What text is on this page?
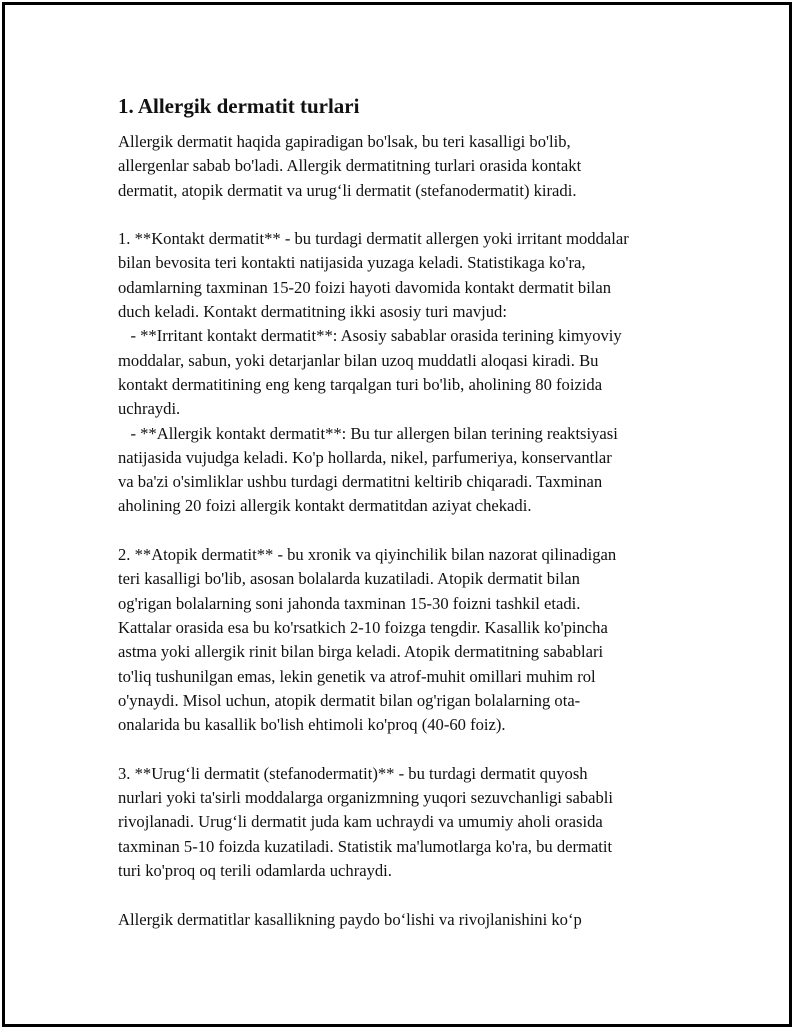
1. Allergik dermatit turlari
Allergik dermatit haqida gapiradigan bo'lsak, bu teri kasalligi bo'lib,
allergenlar sabab bo'ladi. Allergik dermatitning turlari orasida kontakt
dermatit, atopik dermatit va urug‘li dermatit (stefanodermatit) kiradi.
1. **Kontakt dermatit** - bu turdagi dermatit allergen yoki irritant moddalar
bilan bevosita teri kontakti natijasida yuzaga keladi. Statistikaga ko'ra,
odamlarning taxminan 15-20 foizi hayoti davomida kontakt dermatit bilan
duch keladi. Kontakt dermatitning ikki asosiy turi mavjud:
- **Irritant kontakt dermatit**: Asosiy sabablar orasida terining kimyoviy
moddalar, sabun, yoki detarjanlar bilan uzoq muddatli aloqasi kiradi. Bu
kontakt dermatitining eng keng tarqalgan turi bo'lib, aholining 80 foizida
uchraydi.
- **Allergik kontakt dermatit**: Bu tur allergen bilan terining reaktsiyasi
natijasida vujudga keladi. Ko'p hollarda, nikel, parfumeriya, konservantlar
va ba'zi o'simliklar ushbu turdagi dermatitni keltirib chiqaradi. Taxminan
aholining 20 foizi allergik kontakt dermatitdan aziyat chekadi.
2. **Atopik dermatit** - bu xronik va qiyinchilik bilan nazorat qilinadigan
teri kasalligi bo'lib, asosan bolalarda kuzatiladi. Atopik dermatit bilan
og'rigan bolalarning soni jahonda taxminan 15-30 foizni tashkil etadi.
Kattalar orasida esa bu ko'rsatkich 2-10 foizga tengdir. Kasallik ko'pincha
astma yoki allergik rinit bilan birga keladi. Atopik dermatitning sabablari
to'liq tushunilgan emas, lekin genetik va atrof-muhit omillari muhim rol
o'ynaydi. Misol uchun, atopik dermatit bilan og'rigan bolalarning ota-
onalarida bu kasallik bo'lish ehtimoli ko'proq (40-60 foiz).
3. **Urug‘li dermatit (stefanodermatit)** - bu turdagi dermatit quyosh
nurlari yoki ta'sirli moddalarga organizmning yuqori sezuvchanligi sababli
rivojlanadi. Urug‘li dermatit juda kam uchraydi va umumiy aholi orasida
taxminan 5-10 foizda kuzatiladi. Statistik ma'lumotlarga ko'ra, bu dermatit
turi ko'proq oq terili odamlarda uchraydi.
Allergik dermatitlar kasallikning paydo bo‘lishi va rivojlanishini ko‘p
